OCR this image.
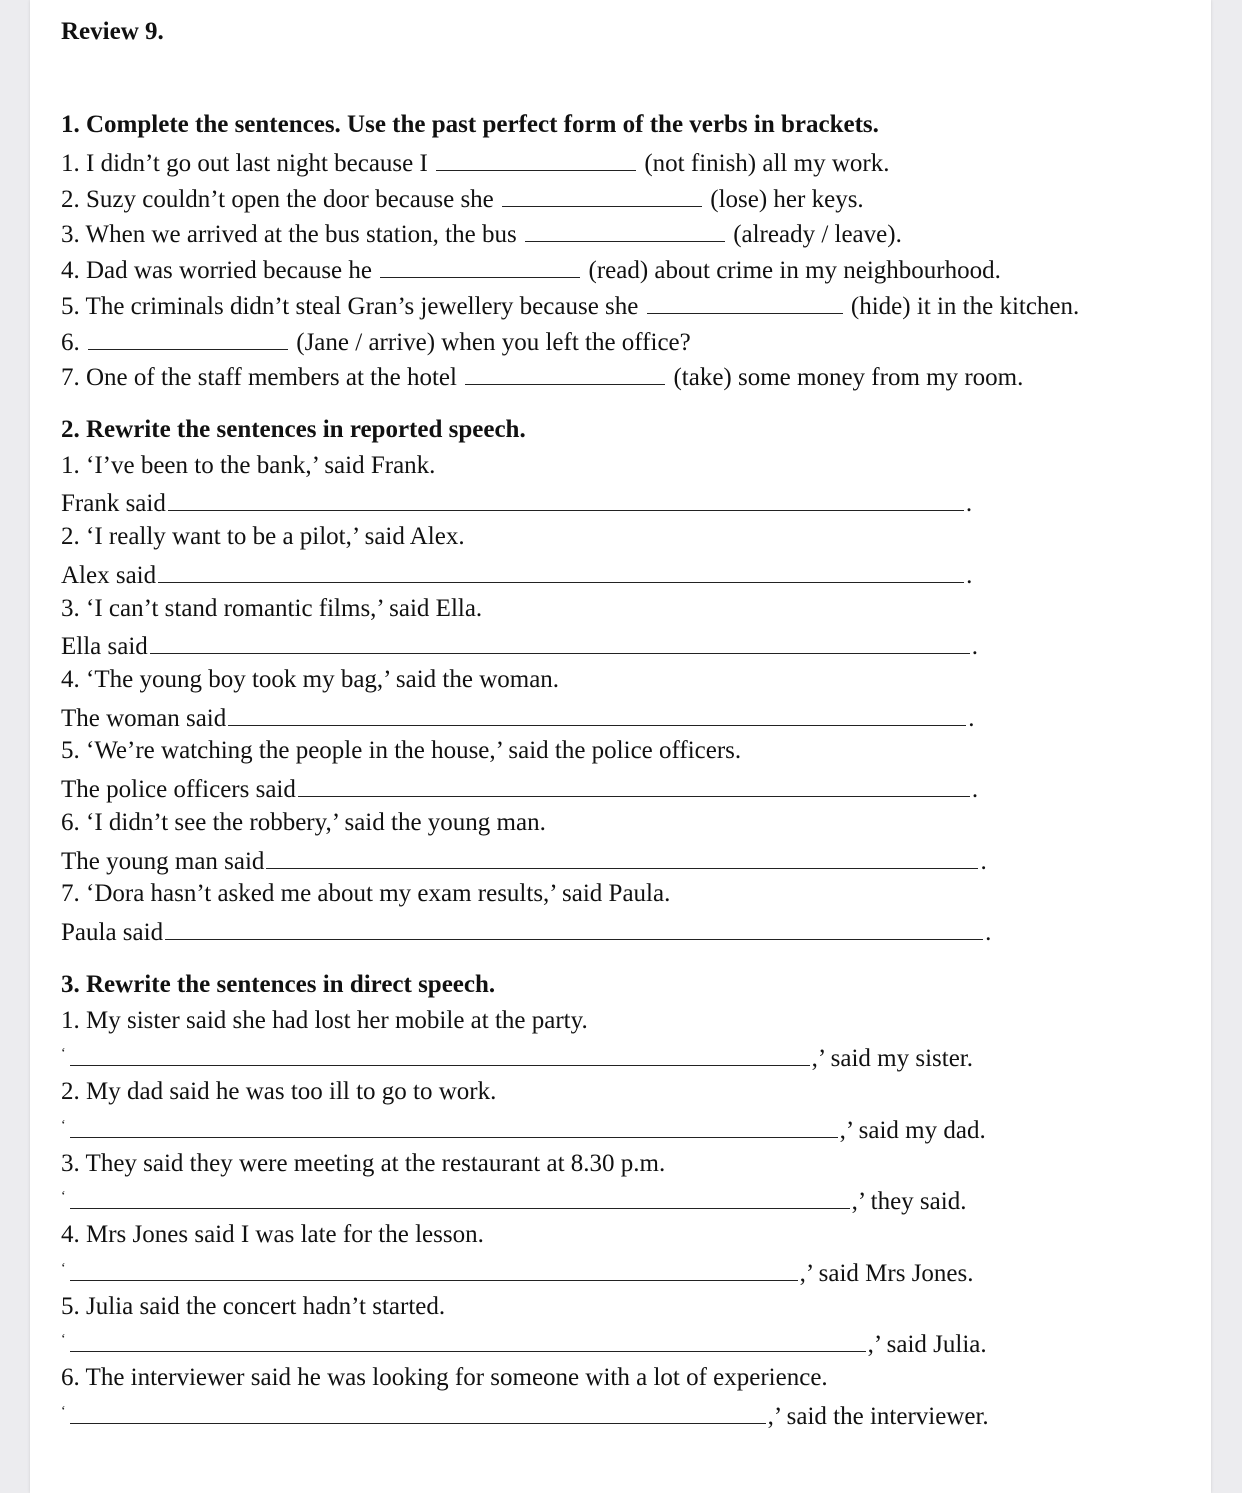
Review 9.
1. Complete the sentences. Use the past perfect form of the verbs in brackets.
1. I didn’t go out last night because I	(not finish) all my work.
2. Suzy couldn’t open the door because she	(lose) her keys.
3. When we arrived at the bus station, the bus	(already / leave).
4. Dad was worried because he	(read) about crime in my neighbourhood.
5. The criminals didn’t steal Gran’s jewellery because she	(hide) it in the kitchen.
6.	(Jane / arrive) when you left the office?
7. One of the staff members at the hotel	(take) some money from my room.
2. Rewrite the sentences in reported speech.
1. ‘I’ve been to the bank,’ said Frank.
Frank said	.
2. ‘I really want to be a pilot,’ said Alex.
Alex said	.
3. ‘I can’t stand romantic films,’ said Ella.
Ella said	.
4. ‘The young boy took my bag,’ said the woman.
The woman said	.
5. ‘We’re watching the people in the house,’ said the police officers.
The police officers said	.
6. ‘I didn’t see the robbery,’ said the young man.
The young man said	.
7. ‘Dora hasn’t asked me about my exam results,’ said Paula.
Paula said	.
3. Rewrite the sentences in direct speech.
1. My sister said she had lost her mobile at the party.
‘	,’ said my sister.
2. My dad said he was too ill to go to work.
‘	,’ said my dad.
3. They said they were meeting at the restaurant at 8.30 p.m.
‘	,’ they said.
4. Mrs Jones said I was late for the lesson.
‘	,’ said Mrs Jones.
5. Julia said the concert hadn’t started.
‘	,’ said Julia.
6. The interviewer said he was looking for someone with a lot of experience.
‘	,’ said the interviewer.
